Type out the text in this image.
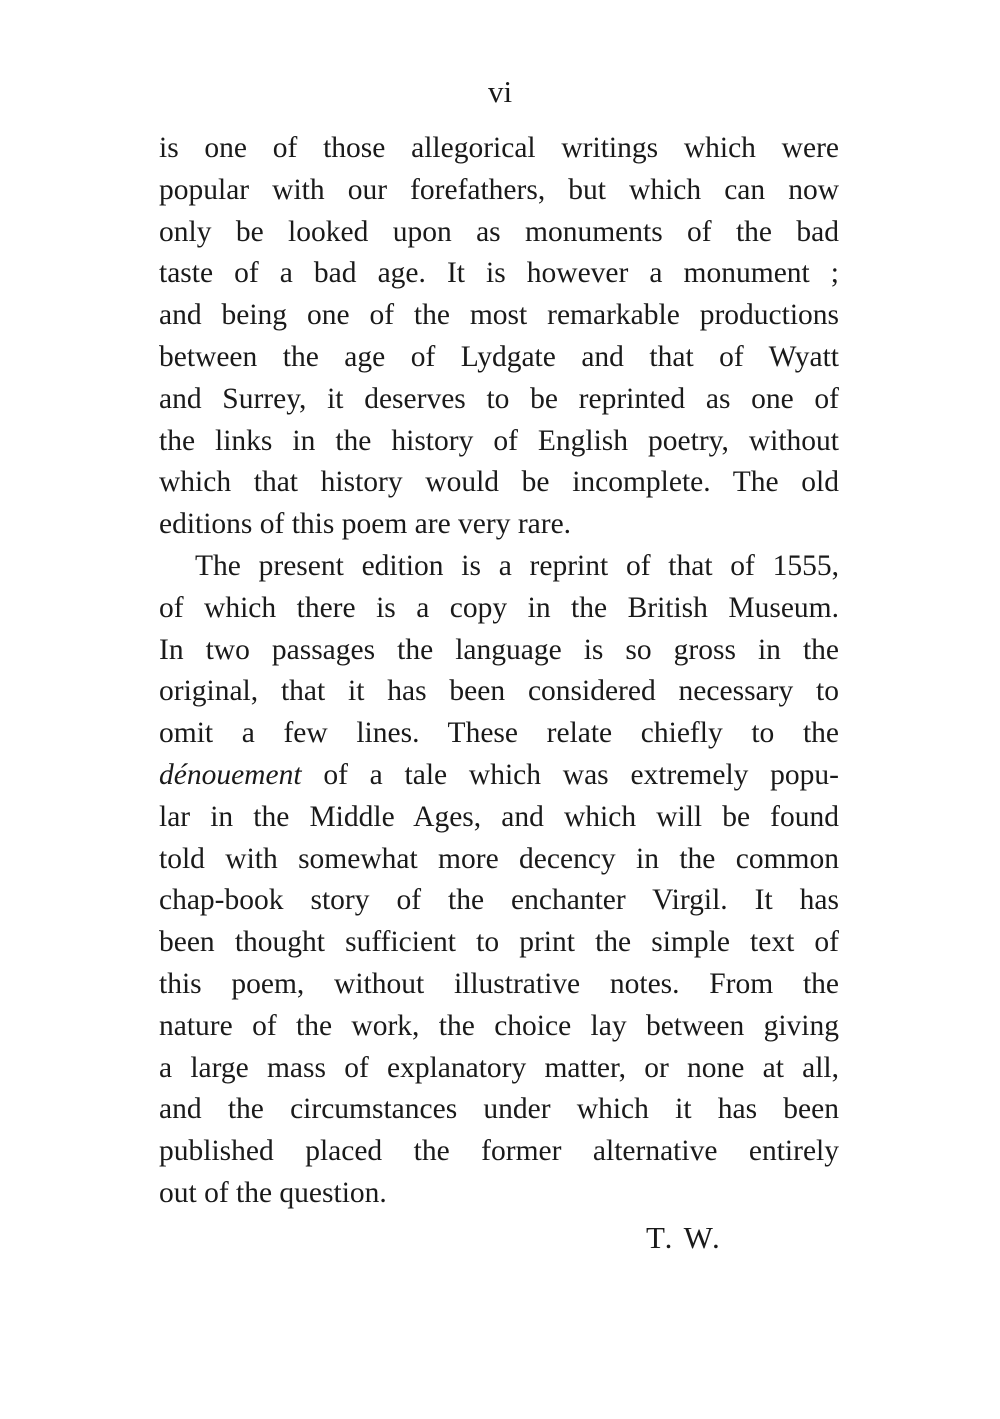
vi
is one of those allegorical writings which were
popular with our forefathers, but which can now
only be looked upon as monuments of the bad
taste of a bad age. It is however a monument ;
and being one of the most remarkable productions
between the age of Lydgate and that of Wyatt
and Surrey, it deserves to be reprinted as one of
the links in the history of English poetry, without
which that history would be incomplete. The old
editions of this poem are very rare.
The present edition is a reprint of that of 1555,
of which there is a copy in the British Museum.
In two passages the language is so gross in the
original, that it has been considered necessary to
omit a few lines. These relate chiefly to the
dénouement of a tale which was extremely popu-
lar in the Middle Ages, and which will be found
told with somewhat more decency in the common
chap-book story of the enchanter Virgil. It has
been thought sufficient to print the simple text of
this poem, without illustrative notes. From the
nature of the work, the choice lay between giving
a large mass of explanatory matter, or none at all,
and the circumstances under which it has been
published placed the former alternative entirely
out of the question.
T. W.
